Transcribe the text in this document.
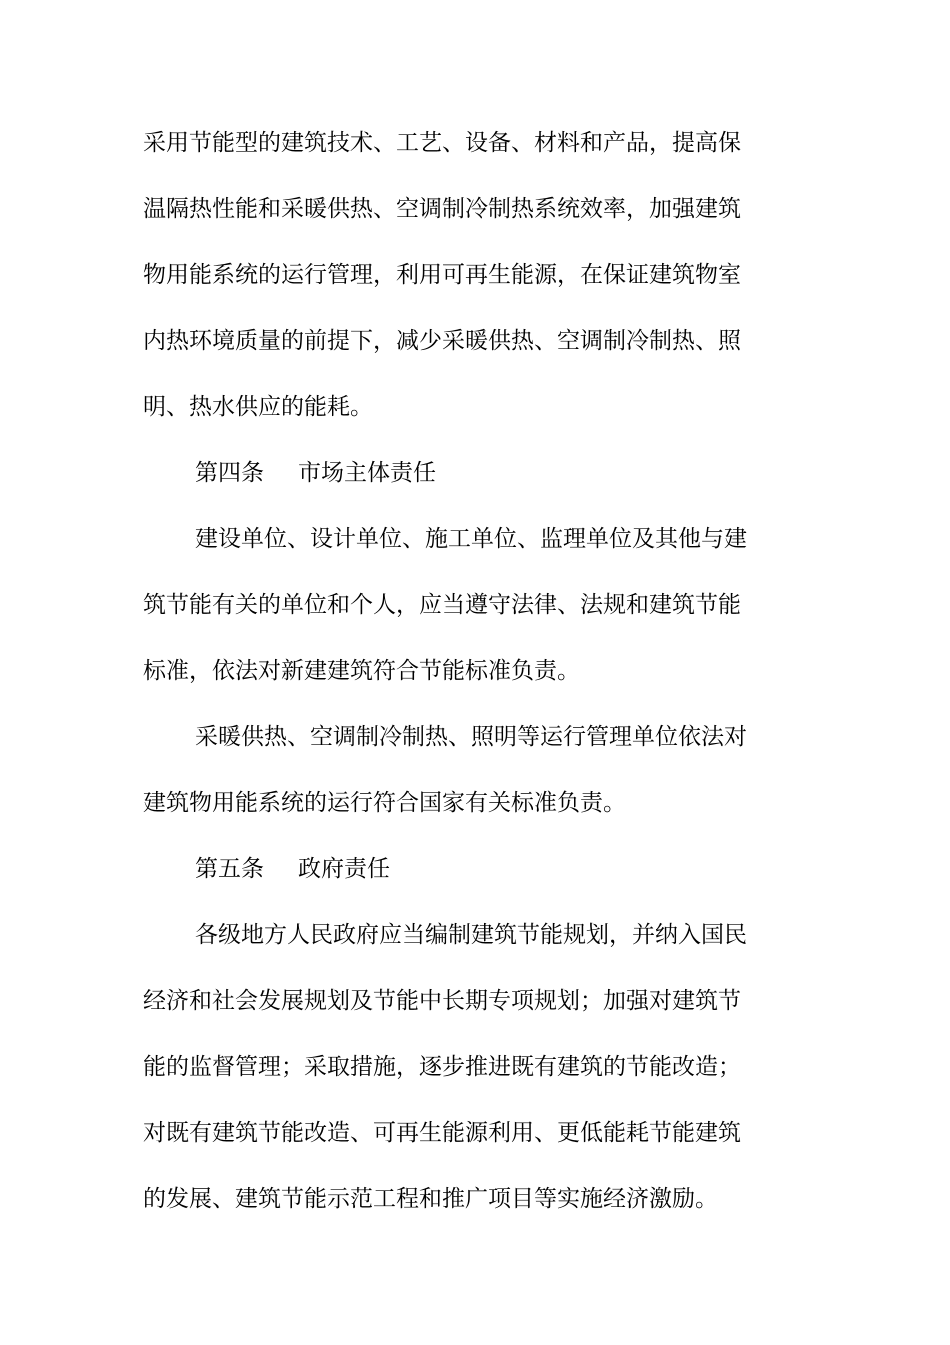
采用节能型的建筑技术、工艺、设备、材料和产品，提高保
温隔热性能和采暖供热、空调制冷制热系统效率，加强建筑
物用能系统的运行管理，利用可再生能源，在保证建筑物室
内热环境质量的前提下，减少采暖供热、空调制冷制热、照
明、热水供应的能耗。
第四条 市场主体责任
建设单位、设计单位、施工单位、监理单位及其他与建
筑节能有关的单位和个人，应当遵守法律、法规和建筑节能
标准，依法对新建建筑符合节能标准负责。
采暖供热、空调制冷制热、照明等运行管理单位依法对
建筑物用能系统的运行符合国家有关标准负责。
第五条 政府责任
各级地方人民政府应当编制建筑节能规划，并纳入国民
经济和社会发展规划及节能中长期专项规划；加强对建筑节
能的监督管理；采取措施，逐步推进既有建筑的节能改造；
对既有建筑节能改造、可再生能源利用、更低能耗节能建筑
的发展、建筑节能示范工程和推广项目等实施经济激励。
